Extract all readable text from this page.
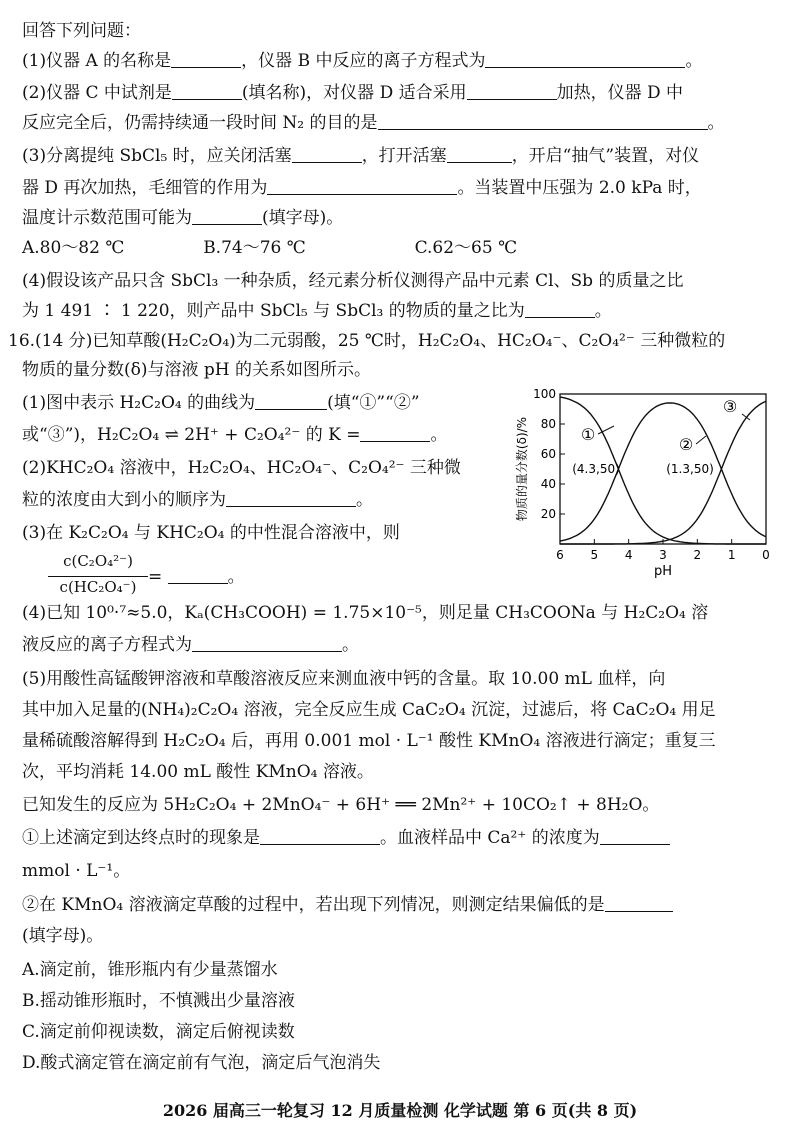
回答下列问题：
(1)仪器 A 的名称是	，仪器 B 中反应的离子方程式为	。
(2)仪器 C 中试剂是	(填名称)，对仪器 D 适合采用	加热，仪器 D 中
反应完全后，仍需持续通一段时间 N₂ 的目的是	。
(3)分离提纯 SbCl₅ 时，应关闭活塞	，打开活塞	，开启“抽气”装置，对仪
器 D 再次加热，毛细管的作用为	。当装置中压强为 2.0 kPa 时，
温度计示数范围可能为	(填字母)。
A.80～82 ℃	B.74～76 ℃	C.62～65 ℃
(4)假设该产品只含 SbCl₃ 一种杂质，经元素分析仪测得产品中元素 Cl、Sb 的质量之比
为 1 491 ∶ 1 220，则产品中 SbCl₅ 与 SbCl₃ 的物质的量之比为	。
16.(14 分)已知草酸(H₂C₂O₄)为二元弱酸，25 ℃时，H₂C₂O₄、HC₂O₄⁻、C₂O₄²⁻ 三种微粒的
物质的量分数(δ)与溶液 pH 的关系如图所示。
(1)图中表示 H₂C₂O₄ 的曲线为	(填“①”“②”
或“③”)，H₂C₂O₄ ⇌ 2H⁺ + C₂O₄²⁻ 的 K =	。
(2)KHC₂O₄ 溶液中，H₂C₂O₄、HC₂O₄⁻、C₂O₄²⁻ 三种微
粒的浓度由大到小的顺序为	。
(3)在 K₂C₂O₄ 与 KHC₂O₄ 的中性混合溶液中，则
c(C₂O₄²⁻)
c(HC₂O₄⁻) =	。
(4)已知 10⁰·⁷≈5.0，Kₐ(CH₃COOH) = 1.75×10⁻⁵，则足量 CH₃COONa 与 H₂C₂O₄ 溶
液反应的离子方程式为	。
(5)用酸性高锰酸钾溶液和草酸溶液反应来测血液中钙的含量。取 10.00 mL 血样，向
其中加入足量的(NH₄)₂C₂O₄ 溶液，完全反应生成 CaC₂O₄ 沉淀，过滤后，将 CaC₂O₄ 用足
量稀硫酸溶解得到 H₂C₂O₄ 后，再用 0.001 mol · L⁻¹ 酸性 KMnO₄ 溶液进行滴定；重复三
次，平均消耗 14.00 mL 酸性 KMnO₄ 溶液。
已知发生的反应为 5H₂C₂O₄ + 2MnO₄⁻ + 6H⁺ ══ 2Mn²⁺ + 10CO₂↑ + 8H₂O。
①上述滴定到达终点时的现象是	。血液样品中 Ca²⁺ 的浓度为
mmol · L⁻¹。
②在 KMnO₄ 溶液滴定草酸的过程中，若出现下列情况，则测定结果偏低的是
(填字母)。
A.滴定前，锥形瓶内有少量蒸馏水
B.摇动锥形瓶时，不慎溅出少量溶液
C.滴定前仰视读数，滴定后俯视读数
D.酸式滴定管在滴定前有气泡，滴定后气泡消失
2026 届高三一轮复习 12 月质量检测 化学试题 第 6 页(共 8 页)
20
40
60
80
100
6 5 4 3 2 1 0
pH
物质的量分数(δ)/%	①
②
③
(4.3,50)	(1.3,50)
